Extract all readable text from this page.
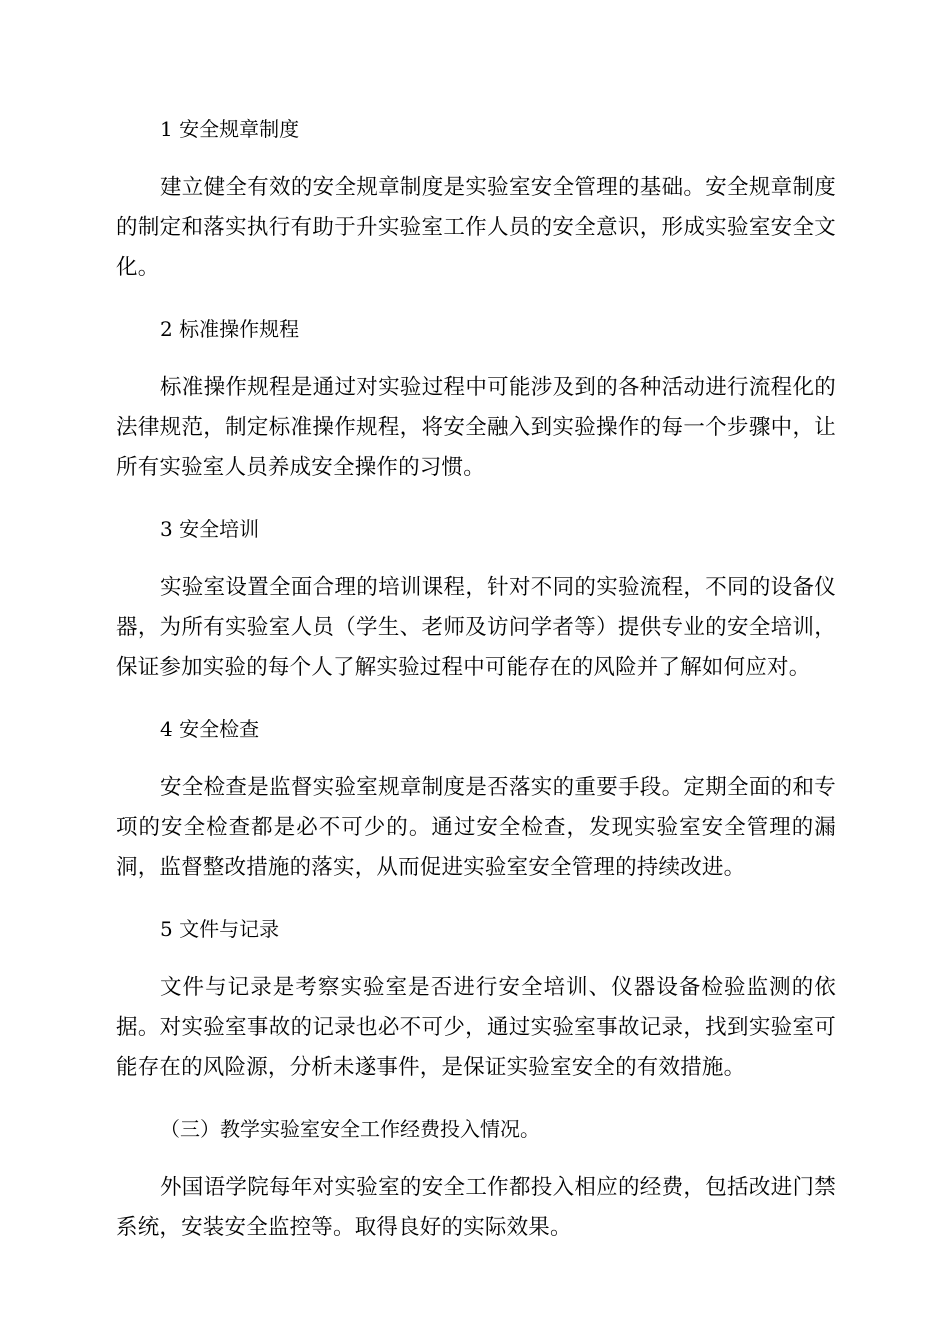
1 安全规章制度
建立健全有效的安全规章制度是实验室安全管理的基础。安全规章制度的制定和落实执行有助于升实验室工作人员的安全意识，形成实验室安全文化。
2 标准操作规程
标准操作规程是通过对实验过程中可能涉及到的各种活动进行流程化的法律规范，制定标准操作规程，将安全融入到实验操作的每一个步骤中，让所有实验室人员养成安全操作的习惯。
3 安全培训
实验室设置全面合理的培训课程，针对不同的实验流程，不同的设备仪器，为所有实验室人员（学生、老师及访问学者等）提供专业的安全培训，保证参加实验的每个人了解实验过程中可能存在的风险并了解如何应对。
4 安全检查
安全检查是监督实验室规章制度是否落实的重要手段。定期全面的和专项的安全检查都是必不可少的。通过安全检查，发现实验室安全管理的漏洞，监督整改措施的落实，从而促进实验室安全管理的持续改进。
5 文件与记录
文件与记录是考察实验室是否进行安全培训、仪器设备检验监测的依据。对实验室事故的记录也必不可少，通过实验室事故记录，找到实验室可能存在的风险源，分析未遂事件，是保证实验室安全的有效措施。
（三）教学实验室安全工作经费投入情况。
外国语学院每年对实验室的安全工作都投入相应的经费，包括改进门禁系统，安装安全监控等。取得良好的实际效果。
